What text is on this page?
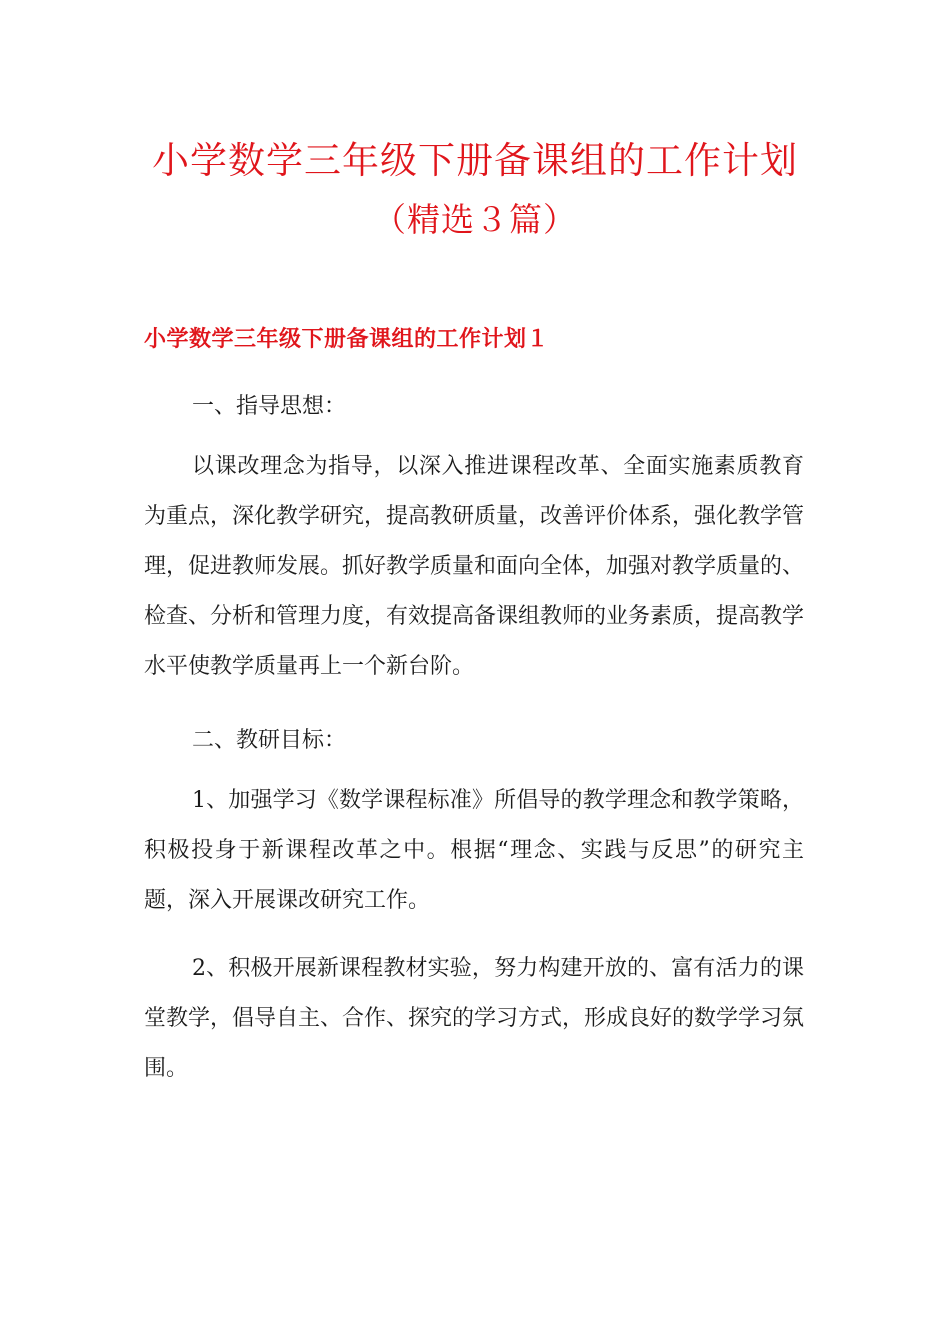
小学数学三年级下册备课组的工作计划
（精选３篇）
小学数学三年级下册备课组的工作计划１
一、指导思想：
以课改理念为指导，以深入推进课程改革、全面实施素质教育为重点，深化教学研究，提高教研质量，改善评价体系，强化教学管理，促进教师发展。抓好教学质量和面向全体，加强对教学质量的、检查、分析和管理力度，有效提高备课组教师的业务素质，提高教学水平使教学质量再上一个新台阶。
二、教研目标：
1、加强学习《数学课程标准》所倡导的教学理念和教学策略，积极投身于新课程改革之中。根据“理念、实践与反思”的研究主题，深入开展课改研究工作。
2、积极开展新课程教材实验，努力构建开放的、富有活力的课堂教学，倡导自主、合作、探究的学习方式，形成良好的数学学习氛围。
